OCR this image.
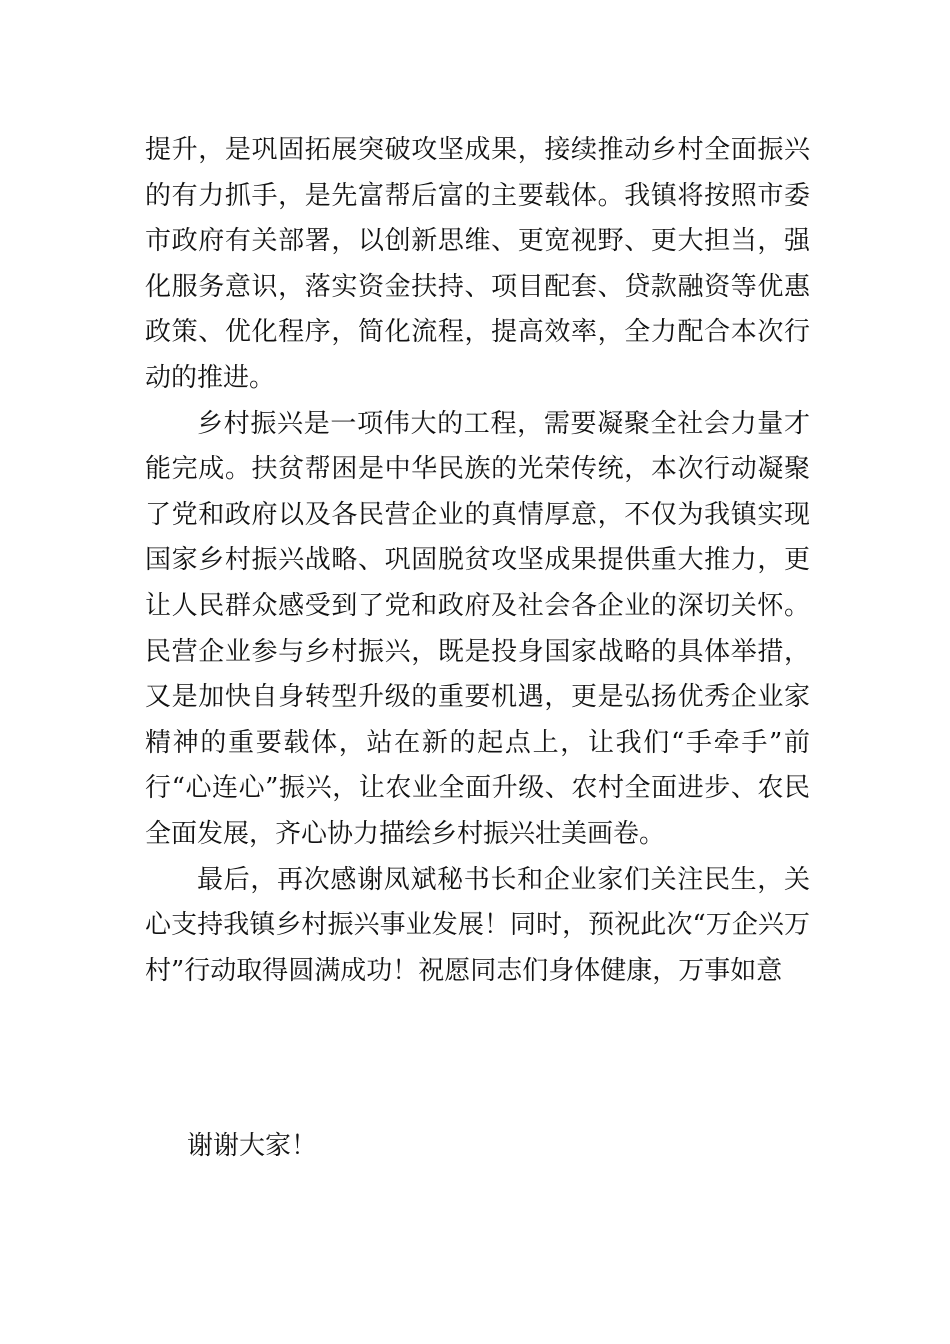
提升，是巩固拓展突破攻坚成果，接续推动乡村全面振兴的有力抓手，是先富帮后富的主要载体。我镇将按照市委市政府有关部署，以创新思维、更宽视野、更大担当，强化服务意识，落实资金扶持、项目配套、贷款融资等优惠政策、优化程序，简化流程，提高效率，全力配合本次行动的推进。

乡村振兴是一项伟大的工程，需要凝聚全社会力量才能完成。扶贫帮困是中华民族的光荣传统，本次行动凝聚了党和政府以及各民营企业的真情厚意，不仅为我镇实现国家乡村振兴战略、巩固脱贫攻坚成果提供重大推力，更让人民群众感受到了党和政府及社会各企业的深切关怀。民营企业参与乡村振兴，既是投身国家战略的具体举措，又是加快自身转型升级的重要机遇，更是弘扬优秀企业家精神的重要载体，站在新的起点上，让我们“手牵手”前行“心连心”振兴，让农业全面升级、农村全面进步、农民全面发展，齐心协力描绘乡村振兴壮美画卷。

最后，再次感谢凤斌秘书长和企业家们关注民生，关心支持我镇乡村振兴事业发展！同时，预祝此次“万企兴万村”行动取得圆满成功！祝愿同志们身体健康，万事如意

谢谢大家！
